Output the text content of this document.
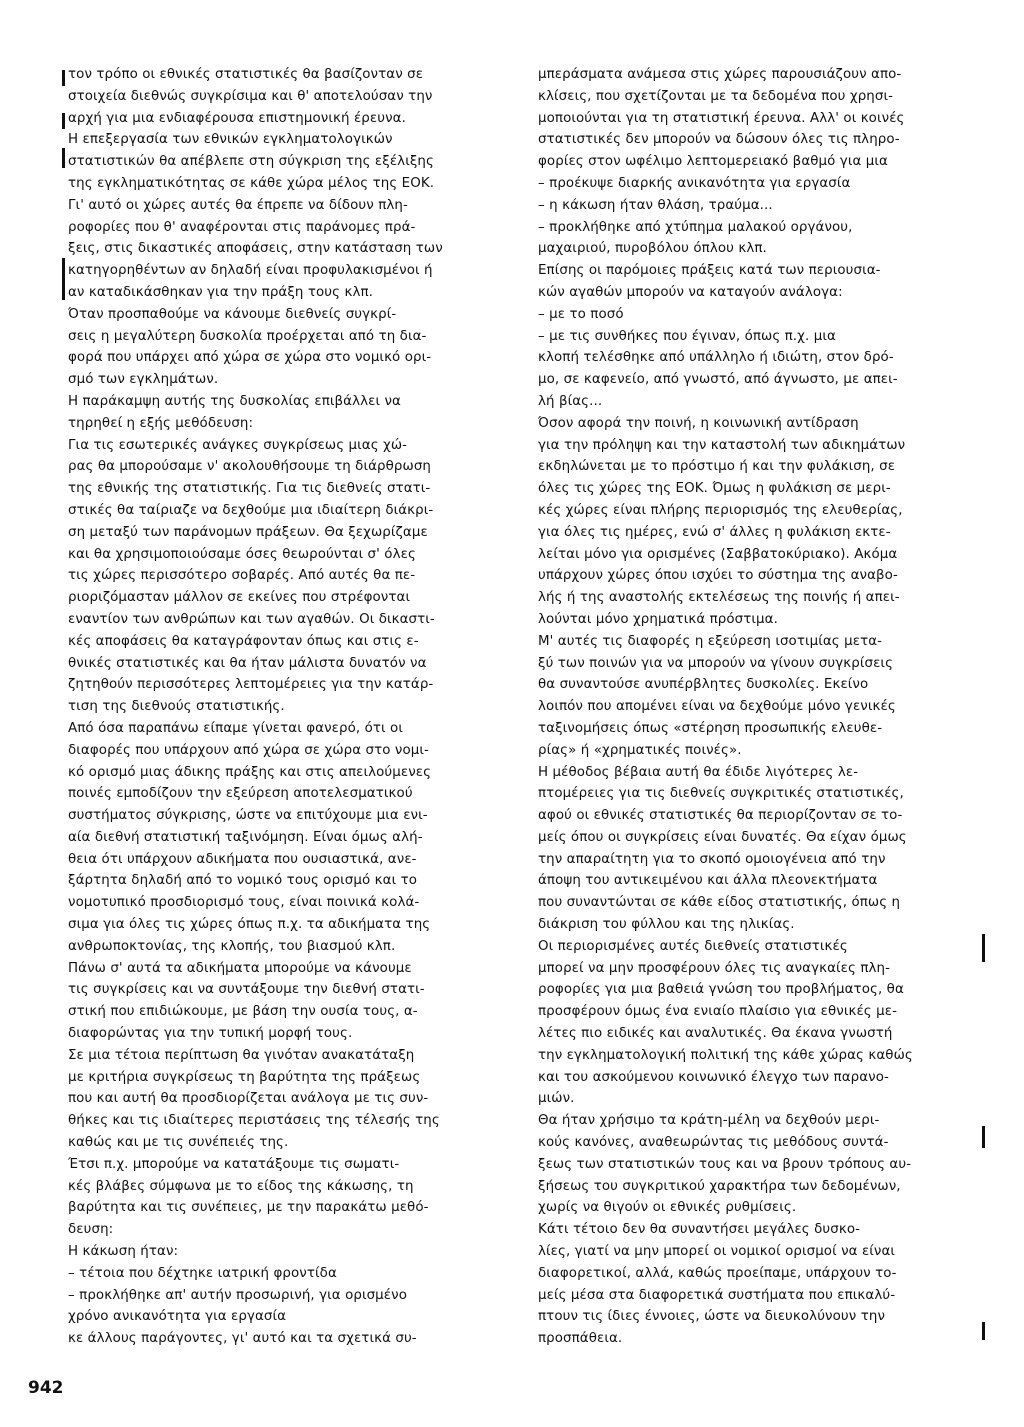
τον τρόπο οι εθνικές στατιστικές θα βασίζονταν σε
στοιχεία διεθνώς συγκρίσιμα και θ' αποτελούσαν την
αρχή για μια ενδιαφέρουσα επιστημονική έρευνα.
Η επεξεργασία των εθνικών εγκληματολογικών
στατιστικών θα απέβλεπε στη σύγκριση της εξέλιξης
της εγκληματικότητας σε κάθε χώρα μέλος της ΕΟΚ.
Γι' αυτό οι χώρες αυτές θα έπρεπε να δίδουν πλη-
ροφορίες που θ' αναφέρονται στις παράνομες πρά-
ξεις, στις δικαστικές αποφάσεις, στην κατάσταση των
κατηγορηθέντων αν δηλαδή είναι προφυλακισμένοι ή
αν καταδικάσθηκαν για την πράξη τους κλπ.
Όταν προσπαθούμε να κάνουμε διεθνείς συγκρί-
σεις η μεγαλύτερη δυσκολία προέρχεται από τη δια-
φορά που υπάρχει από χώρα σε χώρα στο νομικό ορι-
σμό των εγκλημάτων.
Η παράκαμψη αυτής της δυσκολίας επιβάλλει να
τηρηθεί η εξής μεθόδευση:
Για τις εσωτερικές ανάγκες συγκρίσεως μιας χώ-
ρας θα μπορούσαμε ν' ακολουθήσουμε τη διάρθρωση
της εθνικής της στατιστικής. Για τις διεθνείς στατι-
στικές θα ταίριαζε να δεχθούμε μια ιδιαίτερη διάκρι-
ση μεταξύ των παράνομων πράξεων. Θα ξεχωρίζαμε
και θα χρησιμοποιούσαμε όσες θεωρούνται σ' όλες
τις χώρες περισσότερο σοβαρές. Από αυτές θα πε-
ριοριζόμασταν μάλλον σε εκείνες που στρέφονται
εναντίον των ανθρώπων και των αγαθών. Οι δικαστι-
κές αποφάσεις θα καταγράφονταν όπως και στις ε-
θνικές στατιστικές και θα ήταν μάλιστα δυνατόν να
ζητηθούν περισσότερες λεπτομέρειες για την κατάρ-
τιση της διεθνούς στατιστικής.
Από όσα παραπάνω είπαμε γίνεται φανερό, ότι οι
διαφορές που υπάρχουν από χώρα σε χώρα στο νομι-
κό ορισμό μιας άδικης πράξης και στις απειλούμενες
ποινές εμποδίζουν την εξεύρεση αποτελεσματικού
συστήματος σύγκρισης, ώστε να επιτύχουμε μια ενι-
αία διεθνή στατιστική ταξινόμηση. Είναι όμως αλή-
θεια ότι υπάρχουν αδικήματα που ουσιαστικά, ανε-
ξάρτητα δηλαδή από το νομικό τους ορισμό και το
νομοτυπικό προσδιορισμό τους, είναι ποινικά κολά-
σιμα για όλες τις χώρες όπως π.χ. τα αδικήματα της
ανθρωποκτονίας, της κλοπής, του βιασμού κλπ.
Πάνω σ' αυτά τα αδικήματα μπορούμε να κάνουμε
τις συγκρίσεις και να συντάξουμε την διεθνή στατι-
στική που επιδιώκουμε, με βάση την ουσία τους, α-
διαφορώντας για την τυπική μορφή τους.
Σε μια τέτοια περίπτωση θα γινόταν ανακατάταξη
με κριτήρια συγκρίσεως τη βαρύτητα της πράξεως
που και αυτή θα προσδιορίζεται ανάλογα με τις συν-
θήκες και τις ιδιαίτερες περιστάσεις της τέλεσής της
καθώς και με τις συνέπειές της.
Έτσι π.χ. μπορούμε να κατατάξουμε τις σωματι-
κές βλάβες σύμφωνα με το είδος της κάκωσης, τη
βαρύτητα και τις συνέπειες, με την παρακάτω μεθό-
δευση:
Η κάκωση ήταν:
– τέτοια που δέχτηκε ιατρική φροντίδα
– προκλήθηκε απ' αυτήν προσωρινή, για ορισμένο
χρόνο ανικανότητα για εργασία
κε άλλους παράγοντες, γι' αυτό και τα σχετικά συ-
μπεράσματα ανάμεσα στις χώρες παρουσιάζουν απο-
κλίσεις, που σχετίζονται με τα δεδομένα που χρησι-
μοποιούνται για τη στατιστική έρευνα. Αλλ' οι κοινές
στατιστικές δεν μπορούν να δώσουν όλες τις πληρο-
φορίες στον ωφέλιμο λεπτομερειακό βαθμό για μια
– προέκυψε διαρκής ανικανότητα για εργασία
– η κάκωση ήταν θλάση, τραύμα...
– προκλήθηκε από χτύπημα μαλακού οργάνου,
μαχαιριού, πυροβόλου όπλου κλπ.
Επίσης οι παρόμοιες πράξεις κατά των περιουσια-
κών αγαθών μπορούν να καταγούν ανάλογα:
– με το ποσό
– με τις συνθήκες που έγιναν, όπως π.χ. μια
κλοπή τελέσθηκε από υπάλληλο ή ιδιώτη, στον δρό-
μο, σε καφενείο, από γνωστό, από άγνωστο, με απει-
λή βίας...
Όσον αφορά την ποινή, η κοινωνική αντίδραση
για την πρόληψη και την καταστολή των αδικημάτων
εκδηλώνεται με το πρόστιμο ή και την φυλάκιση, σε
όλες τις χώρες της ΕΟΚ. Όμως η φυλάκιση σε μερι-
κές χώρες είναι πλήρης περιορισμός της ελευθερίας,
για όλες τις ημέρες, ενώ σ' άλλες η φυλάκιση εκτε-
λείται μόνο για ορισμένες (Σαββατοκύριακο). Ακόμα
υπάρχουν χώρες όπου ισχύει το σύστημα της αναβο-
λής ή της αναστολής εκτελέσεως της ποινής ή απει-
λούνται μόνο χρηματικά πρόστιμα.
Μ' αυτές τις διαφορές η εξεύρεση ισοτιμίας μετα-
ξύ των ποινών για να μπορούν να γίνουν συγκρίσεις
θα συναντούσε ανυπέρβλητες δυσκολίες. Εκείνο
λοιπόν που απομένει είναι να δεχθούμε μόνο γενικές
ταξινομήσεις όπως «στέρηση προσωπικής ελευθε-
ρίας» ή «χρηματικές ποινές».
Η μέθοδος βέβαια αυτή θα έδιδε λιγότερες λε-
πτομέρειες για τις διεθνείς συγκριτικές στατιστικές,
αφού οι εθνικές στατιστικές θα περιορίζονταν σε το-
μείς όπου οι συγκρίσεις είναι δυνατές. Θα είχαν όμως
την απαραίτητη για το σκοπό ομοιογένεια από την
άποψη του αντικειμένου και άλλα πλεονεκτήματα
που συναντώνται σε κάθε είδος στατιστικής, όπως η
διάκριση του φύλλου και της ηλικίας.
Οι περιορισμένες αυτές διεθνείς στατιστικές
μπορεί να μην προσφέρουν όλες τις αναγκαίες πλη-
ροφορίες για μια βαθειά γνώση του προβλήματος, θα
προσφέρουν όμως ένα ενιαίο πλαίσιο για εθνικές με-
λέτες πιο ειδικές και αναλυτικές. Θα έκανα γνωστή
την εγκληματολογική πολιτική της κάθε χώρας καθώς
και του ασκούμενου κοινωνικό έλεγχο των παρανο-
μιών.
Θα ήταν χρήσιμο τα κράτη-μέλη να δεχθούν μερι-
κούς κανόνες, αναθεωρώντας τις μεθόδους συντά-
ξεως των στατιστικών τους και να βρουν τρόπους αυ-
ξήσεως του συγκριτικού χαρακτήρα των δεδομένων,
χωρίς να θιγούν οι εθνικές ρυθμίσεις.
Κάτι τέτοιο δεν θα συναντήσει μεγάλες δυσκο-
λίες, γιατί να μην μπορεί οι νομικοί ορισμοί να είναι
διαφορετικοί, αλλά, καθώς προείπαμε, υπάρχουν το-
μείς μέσα στα διαφορετικά συστήματα που επικαλύ-
πτουν τις ίδιες έννοιες, ώστε να διευκολύνουν την
προσπάθεια.
942
